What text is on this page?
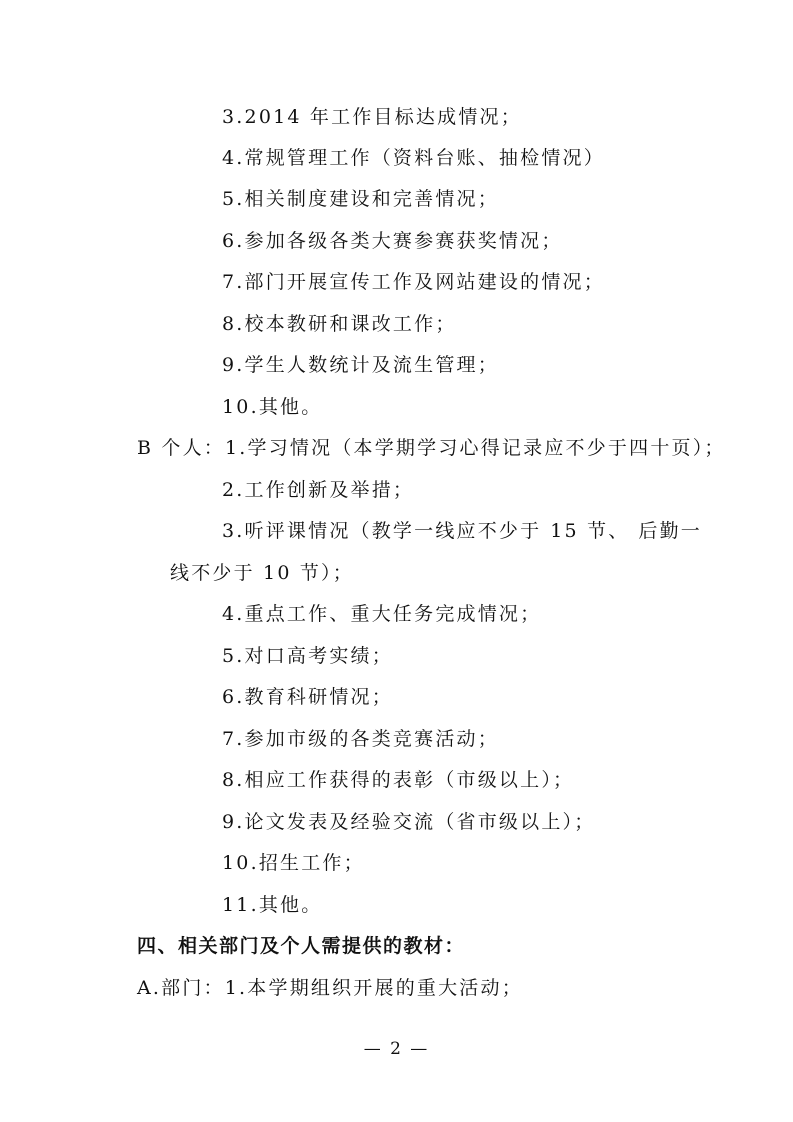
3.2014 年工作目标达成情况；
4.常规管理工作（资料台账、抽检情况）
5.相关制度建设和完善情况；
6.参加各级各类大赛参赛获奖情况；
7.部门开展宣传工作及网站建设的情况；
8.校本教研和课改工作；
9.学生人数统计及流生管理；
10.其他。
B 个人：1.学习情况（本学期学习心得记录应不少于四十页）；
2.工作创新及举措；
3.听评课情况（教学一线应不少于 15 节、 后勤一
线不少于 10 节）；
4.重点工作、重大任务完成情况；
5.对口高考实绩；
6.教育科研情况；
7.参加市级的各类竞赛活动；
8.相应工作获得的表彰（市级以上）；
9.论文发表及经验交流（省市级以上）；
10.招生工作；
11.其他。
四、相关部门及个人需提供的教材：
A.部门：1.本学期组织开展的重大活动；
— 2 —
